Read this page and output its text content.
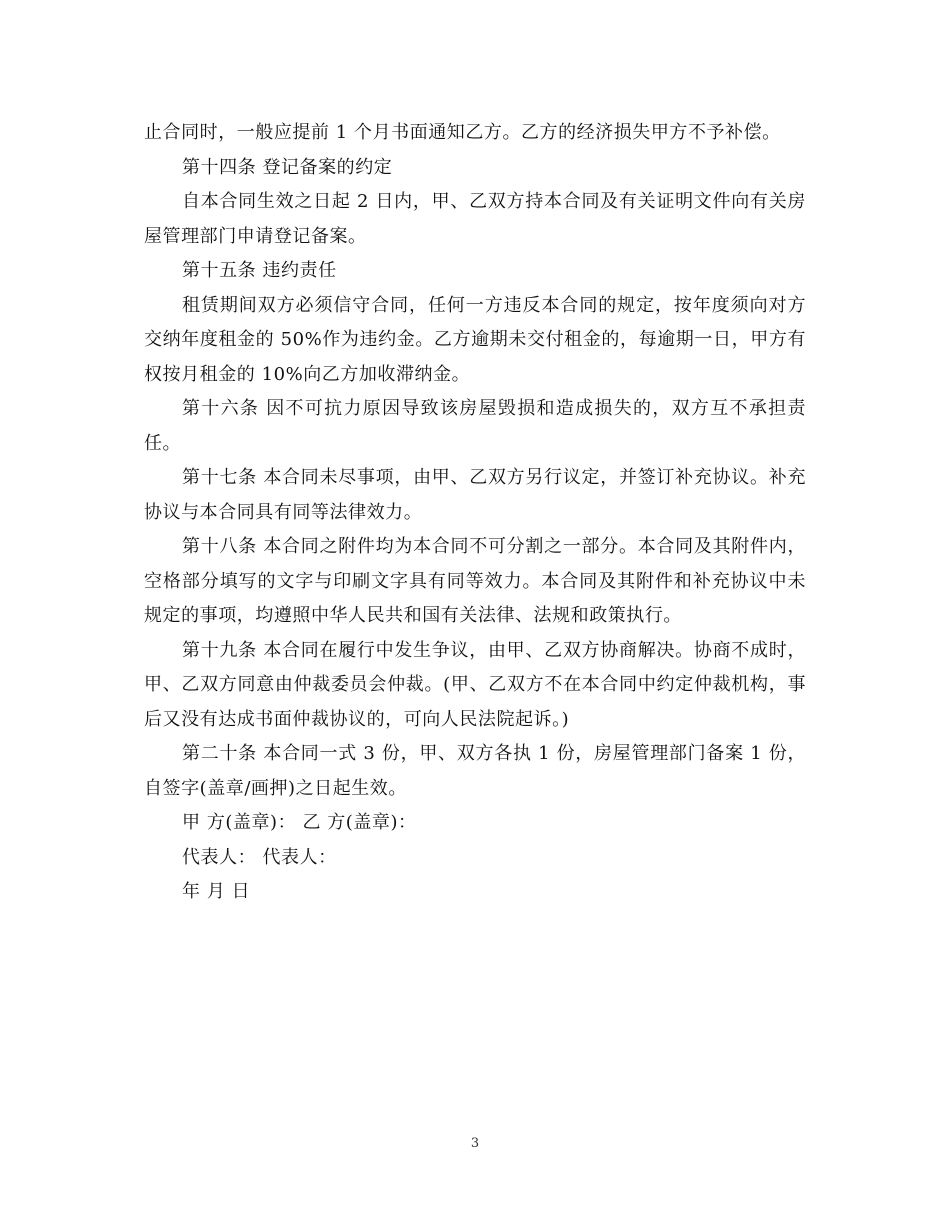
止合同时，一般应提前 1 个月书面通知乙方。乙方的经济损失甲方不予补偿。

第十四条 登记备案的约定

自本合同生效之日起 2 日内，甲、乙双方持本合同及有关证明文件向有关房屋管理部门申请登记备案。

第十五条 违约责任

租赁期间双方必须信守合同，任何一方违反本合同的规定，按年度须向对方交纳年度租金的 50%作为违约金。乙方逾期未交付租金的，每逾期一日，甲方有权按月租金的 10%向乙方加收滞纳金。

第十六条 因不可抗力原因导致该房屋毁损和造成损失的，双方互不承担责任。

第十七条 本合同未尽事项，由甲、乙双方另行议定，并签订补充协议。补充协议与本合同具有同等法律效力。

第十八条 本合同之附件均为本合同不可分割之一部分。本合同及其附件内，空格部分填写的文字与印刷文字具有同等效力。本合同及其附件和补充协议中未规定的事项，均遵照中华人民共和国有关法律、法规和政策执行。

第十九条 本合同在履行中发生争议，由甲、乙双方协商解决。协商不成时，甲、乙双方同意由仲裁委员会仲裁。(甲、乙双方不在本合同中约定仲裁机构，事后又没有达成书面仲裁协议的，可向人民法院起诉。)

第二十条 本合同一式 3 份，甲、双方各执 1 份，房屋管理部门备案 1 份，自签字(盖章/画押)之日起生效。

甲 方(盖章)： 乙 方(盖章)：

代表人： 代表人：

年 月 日

3
